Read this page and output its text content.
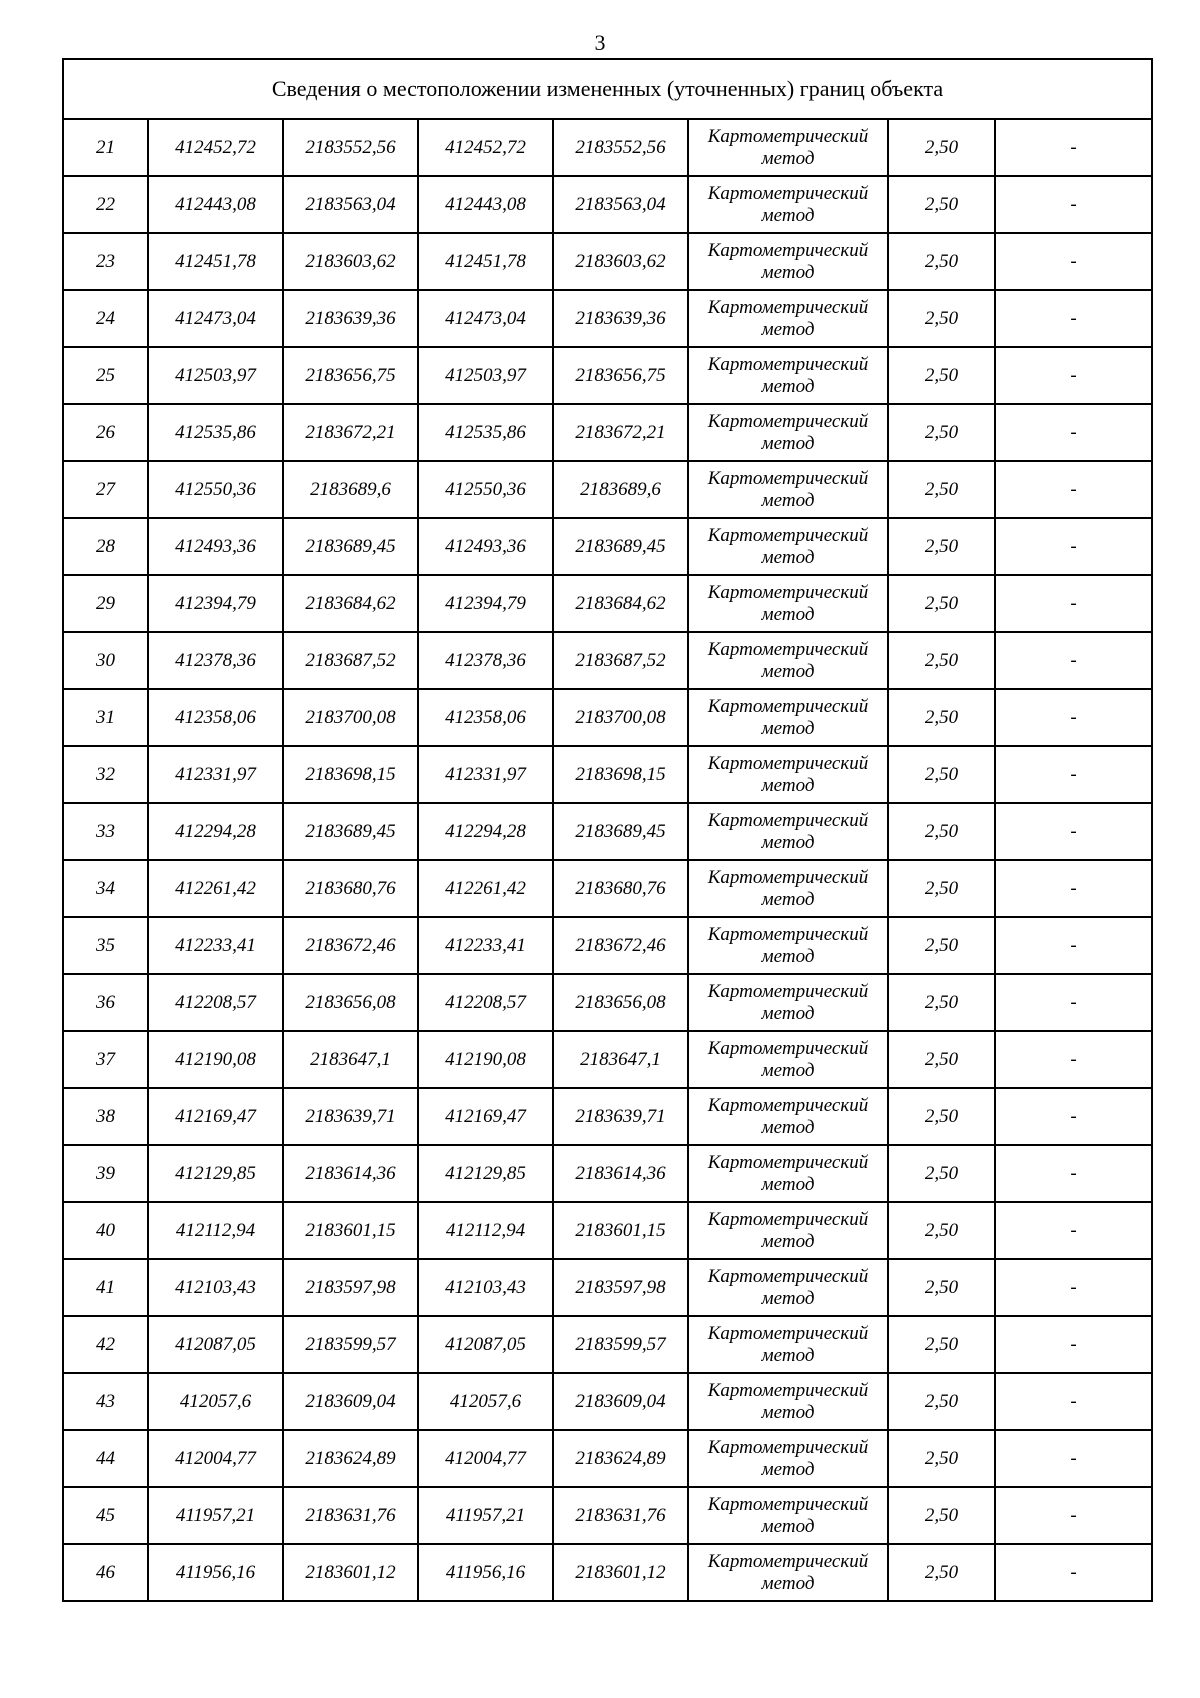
3
Сведения о местоположении измененных (уточненных) границ объекта							
21	412452,72	2183552,56	412452,72	2183552,56	Картометрический
метод	2,50	-
22	412443,08	2183563,04	412443,08	2183563,04	Картометрический
метод	2,50	-
23	412451,78	2183603,62	412451,78	2183603,62	Картометрический
метод	2,50	-
24	412473,04	2183639,36	412473,04	2183639,36	Картометрический
метод	2,50	-
25	412503,97	2183656,75	412503,97	2183656,75	Картометрический
метод	2,50	-
26	412535,86	2183672,21	412535,86	2183672,21	Картометрический
метод	2,50	-
27	412550,36	2183689,6	412550,36	2183689,6	Картометрический
метод	2,50	-
28	412493,36	2183689,45	412493,36	2183689,45	Картометрический
метод	2,50	-
29	412394,79	2183684,62	412394,79	2183684,62	Картометрический
метод	2,50	-
30	412378,36	2183687,52	412378,36	2183687,52	Картометрический
метод	2,50	-
31	412358,06	2183700,08	412358,06	2183700,08	Картометрический
метод	2,50	-
32	412331,97	2183698,15	412331,97	2183698,15	Картометрический
метод	2,50	-
33	412294,28	2183689,45	412294,28	2183689,45	Картометрический
метод	2,50	-
34	412261,42	2183680,76	412261,42	2183680,76	Картометрический
метод	2,50	-
35	412233,41	2183672,46	412233,41	2183672,46	Картометрический
метод	2,50	-
36	412208,57	2183656,08	412208,57	2183656,08	Картометрический
метод	2,50	-
37	412190,08	2183647,1	412190,08	2183647,1	Картометрический
метод	2,50	-
38	412169,47	2183639,71	412169,47	2183639,71	Картометрический
метод	2,50	-
39	412129,85	2183614,36	412129,85	2183614,36	Картометрический
метод	2,50	-
40	412112,94	2183601,15	412112,94	2183601,15	Картометрический
метод	2,50	-
41	412103,43	2183597,98	412103,43	2183597,98	Картометрический
метод	2,50	-
42	412087,05	2183599,57	412087,05	2183599,57	Картометрический
метод	2,50	-
43	412057,6	2183609,04	412057,6	2183609,04	Картометрический
метод	2,50	-
44	412004,77	2183624,89	412004,77	2183624,89	Картометрический
метод	2,50	-
45	411957,21	2183631,76	411957,21	2183631,76	Картометрический
метод	2,50	-
46	411956,16	2183601,12	411956,16	2183601,12	Картометрический
метод	2,50	-
